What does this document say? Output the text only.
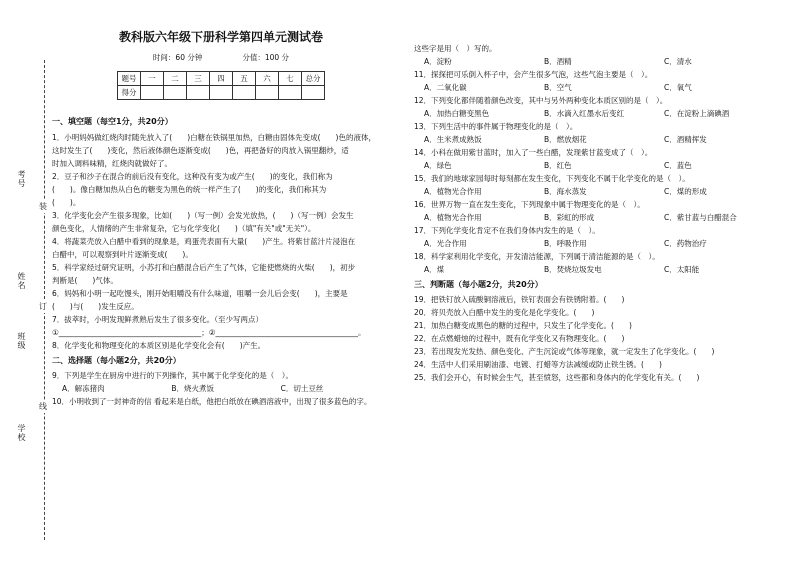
装
订
线
考号
姓名
班级
学校
教科版六年级下册科学第四单元测试卷
时间：60 分钟	分值：100 分
题号	一	二	三	四	五	六	七	总分
得分								

一、填空题（每空1分，共20分）

1．小明妈妈做红烧肉时随先放入了(　　)白糖在铁锅里加热，白糖由固体先变成(　　)色的液体，

这时发生了(　　)变化，然后液体颜色逐渐变成(　　)色，再把备好的肉放入锅里翻炒，适

时加入调料味精，红烧肉就做好了。

2．豆子和沙子在混合的前后没有变化，这种没有变为或产生(　　)的变化，我们称为

(　　)。像白糖加热从白色的糖变为黑色的统一样产生了(　　)的变化，我们称其为

(　　)。

3．化学变化会产生很多现象，比如(　　)（写一例）会发光放热，(　　)（写一例）会发生

颜色变化，人情绪的产生非常复杂，它与化学变化(　　)（填"有关"或"无关"）。

4．将蔬菜壳放入白醋中看到的现象是，鸡蛋壳表面有大量(　　)产生。将紫甘蓝汁片浸泡在

白醋中，可以观察到叶片逐渐变成(　　)。

5．科学家经过研究证明，小苏打和白醋混合后产生了气体，它能使燃烧的火柴(　　)，初步

判断是(　　)气体。

6．妈妈和小明一起吃馒头，刚开始咀嚼没有什么味道，咀嚼一会儿后会变(　　)，主要是

(　　)与(　　)发生反应。

7．拔萃时，小明发现鲜煮熟后发生了很多变化。（至少写两点）

①______________________________________；②______________________________________。

8．化学变化和物理变化的本质区别是化学变化会有(　　)产生。

二、选择题（每小题2分，共20分）

9．下列是学生在厨房中进行的下列操作，其中属于化学变化的是（　）。

A．解冻猪肉	B．烧火煮饭	C．切土豆丝

10．小明收到了一封神奇的信 看起来是白纸，他把白纸放在碘酒溶液中，出现了很多蓝色的字。

这些字是用（　）写的。

A．淀粉	B．酒精	C．清水

11．探探把可乐倒入杯子中，会产生很多气泡，这些气泡主要是（　）。

A．二氧化碳	B．空气	C．氧气

12．下列变化都伴随着颜色改变，其中与另外两种变化本质区别的是（　）。

A．加热白糖变黑色	B．水滴入红墨水后变红	C．在淀粉上滴碘酒

13．下列生活中的事件属于物理变化的是（　）。

A．生米煮成熟饭	B．燃放烟花	C．酒精挥发

14．小科在做用紫甘蓝时，加入了一些白醋，发现紫甘蓝变成了（　）。

A．绿色	B．红色	C．蓝色

15．我们的地球家园每时每刻都在发生变化，下列变化不属于化学变化的是（　）。

A．植物光合作用	B．海水蒸发	C．煤的形成

16．世界万物一直在发生变化，下列现象中属于物理变化的是（　）。

A．植物光合作用	B．彩虹的形成	C．紫甘蓝与白醋混合

17．下列化学变化肯定不在我们身体内发生的是（　）。

A．光合作用	B．呼吸作用	C．药物治疗

18．科学家利用化学变化，开发清洁能源，下列属于清洁能源的是（　）。

A．煤	B．焚烧垃圾发电	C．太阳能

三、判断题（每小题2分，共20分）

19．把铁钉放入硫酸铜溶液后，铁钉表面会有铁锈附着。(　　)

20．将贝壳放入白醋中发生的变化是化学变化。(　　)

21．加热白糖变成黑色的糖的过程中，只发生了化学变化。(　　)

22．在点燃蜡烛的过程中，既有化学变化又有物理变化。(　　)

23．若出现发光发热、颜色变化、产生沉淀或气体等现象，就一定发生了化学变化。(　　)

24．生活中人们采用刷油漆、电镀、打蜡等方法减缓或防止铁生锈。(　　)

25．我们会开心，有时候会生气，甚至愤怒，这些都和身体内的化学变化有关。(　　)
